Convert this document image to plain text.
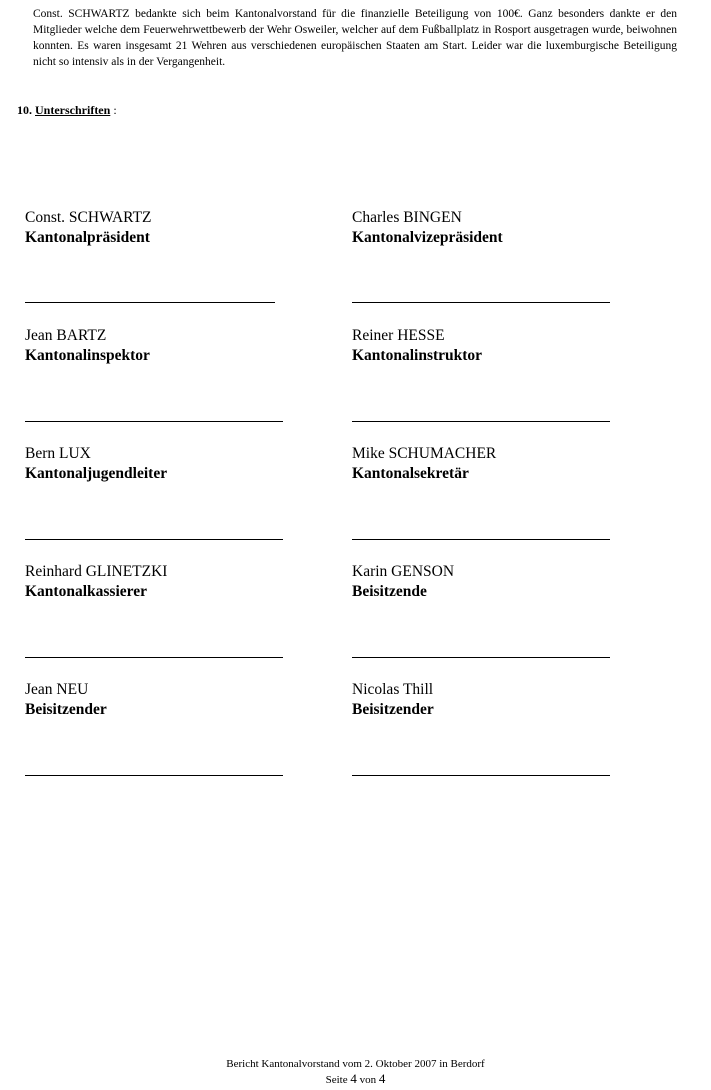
Const. SCHWARTZ bedankte sich beim Kantonalvorstand für die finanzielle Beteiligung von 100€. Ganz besonders dankte er den Mitglieder welche dem Feuerwehrwettbewerb der Wehr Osweiler, welcher auf dem Fußballplatz in Rosport ausgetragen wurde, beiwohnen konnten. Es waren insgesamt 21 Wehren aus verschiedenen europäischen Staaten am Start. Leider war die luxemburgische Beteiligung nicht so intensiv als in der Vergangenheit.

10. Unterschriften :

Const. SCHWARTZ

Kantonalpräsident

Charles BINGEN

Kantonalvizepräsident

Jean BARTZ

Kantonalinspektor

Reiner HESSE

Kantonalinstruktor

Bern LUX

Kantonaljugendleiter

Mike SCHUMACHER

Kantonalsekretär

Reinhard GLINETZKI

Kantonalkassierer

Karin GENSON

Beisitzende

Jean NEU

Beisitzender

Nicolas Thill

Beisitzender

Bericht Kantonalvorstand vom 2. Oktober 2007 in Berdorf
Seite 4 von 4
